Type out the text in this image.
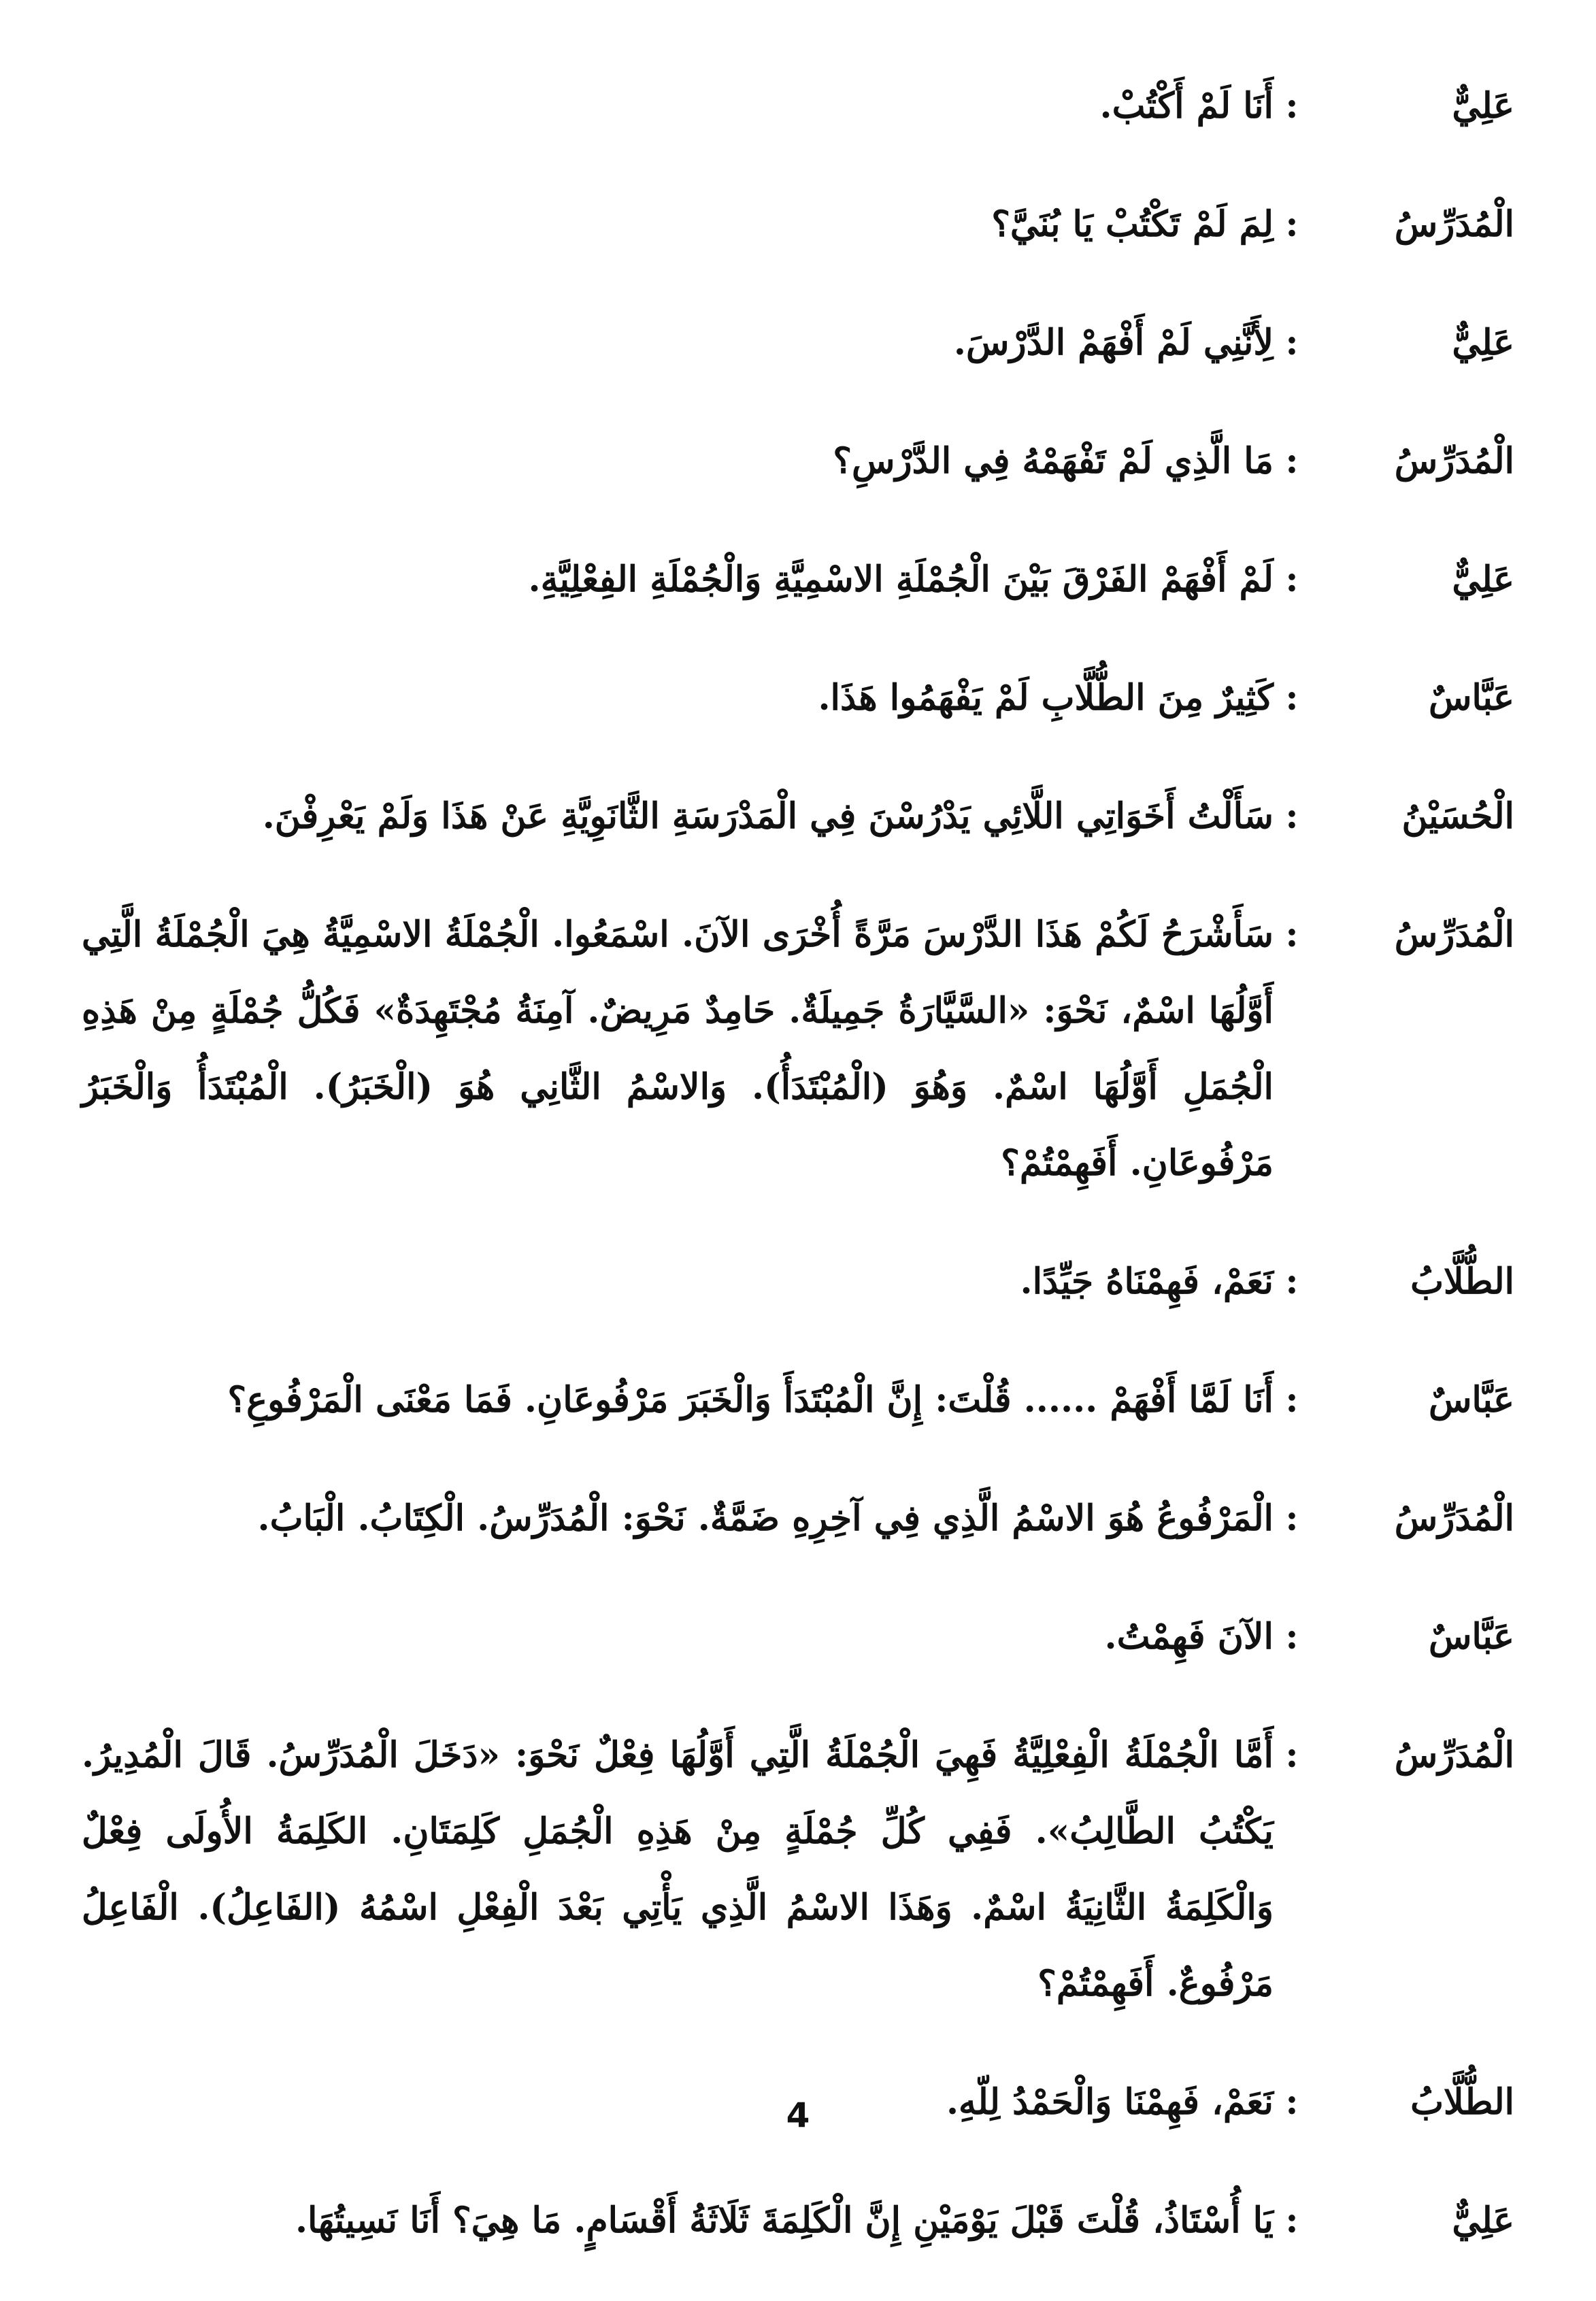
عَلِيٌّ
:
أَنَا لَمْ أَكْتُبْ.
الْمُدَرِّسُ
:
لِمَ لَمْ تَكْتُبْ يَا بُنَيَّ؟
عَلِيٌّ
:
لِأَنَّنِي لَمْ أَفْهَمْ الدَّرْسَ.
الْمُدَرِّسُ
:
مَا الَّذِي لَمْ تَفْهَمْهُ فِي الدَّرْسِ؟
عَلِيٌّ
:
لَمْ أَفْهَمْ الفَرْقَ بَيْنَ الْجُمْلَةِ الاسْمِيَّةِ وَالْجُمْلَةِ الفِعْلِيَّةِ.
عَبَّاسٌ
:
كَثِيرٌ مِنَ الطُّلَّابِ لَمْ يَفْهَمُوا هَذَا.
الْحُسَيْنُ
:
سَأَلْتُ أَخَوَاتِي اللَّائِي يَدْرُسْنَ فِي الْمَدْرَسَةِ الثَّانَوِيَّةِ عَنْ هَذَا وَلَمْ يَعْرِفْنَ.
الْمُدَرِّسُ
:
سَأَشْرَحُ لَكُمْ هَذَا الدَّرْسَ مَرَّةً أُخْرَى الآنَ. اسْمَعُوا. الْجُمْلَةُ الاسْمِيَّةُ هِيَ الْجُمْلَةُ الَّتِي أَوَّلُهَا اسْمٌ، نَحْوَ: «السَّيَّارَةُ جَمِيلَةٌ. حَامِدٌ مَرِيضٌ. آمِنَةُ مُجْتَهِدَةٌ» فَكُلُّ جُمْلَةٍ مِنْ هَذِهِ الْجُمَلِ أَوَّلُهَا اسْمٌ. وَهُوَ (الْمُبْتَدَأُ). وَالاسْمُ الثَّانِي هُوَ (الْخَبَرُ). الْمُبْتَدَأُ وَالْخَبَرُ مَرْفُوعَانِ. أَفَهِمْتُمْ؟
الطُّلَّابُ
:
نَعَمْ، فَهِمْنَاهُ جَيِّدًا.
عَبَّاسٌ
:
أَنَا لَمَّا أَفْهَمْ ...... قُلْتَ: إِنَّ الْمُبْتَدَأَ وَالْخَبَرَ مَرْفُوعَانِ. فَمَا مَعْنَى الْمَرْفُوعِ؟
الْمُدَرِّسُ
:
الْمَرْفُوعُ هُوَ الاسْمُ الَّذِي فِي آخِرِهِ ضَمَّةٌ. نَحْوَ: الْمُدَرِّسُ. الْكِتَابُ. الْبَابُ.
عَبَّاسٌ
:
الآنَ فَهِمْتُ.
الْمُدَرِّسُ
:
أَمَّا الْجُمْلَةُ الْفِعْلِيَّةُ فَهِيَ الْجُمْلَةُ الَّتِي أَوَّلُهَا فِعْلٌ نَحْوَ: «دَخَلَ الْمُدَرِّسُ. قَالَ الْمُدِيرُ. يَكْتُبُ الطَّالِبُ». فَفِي كُلِّ جُمْلَةٍ مِنْ هَذِهِ الْجُمَلِ كَلِمَتَانِ. الكَلِمَةُ الأُولَى فِعْلٌ وَالْكَلِمَةُ الثَّانِيَةُ اسْمٌ. وَهَذَا الاسْمُ الَّذِي يَأْتِي بَعْدَ الْفِعْلِ اسْمُهُ (الفَاعِلُ). الْفَاعِلُ مَرْفُوعٌ. أَفَهِمْتُمْ؟
الطُّلَّابُ
:
نَعَمْ، فَهِمْنَا وَالْحَمْدُ لِلّهِ.
عَلِيٌّ
:
يَا أُسْتَاذُ، قُلْتَ قَبْلَ يَوْمَيْنِ إِنَّ الْكَلِمَةَ ثَلَاثَةُ أَقْسَامٍ. مَا هِيَ؟ أَنَا نَسِيتُهَا.
4
